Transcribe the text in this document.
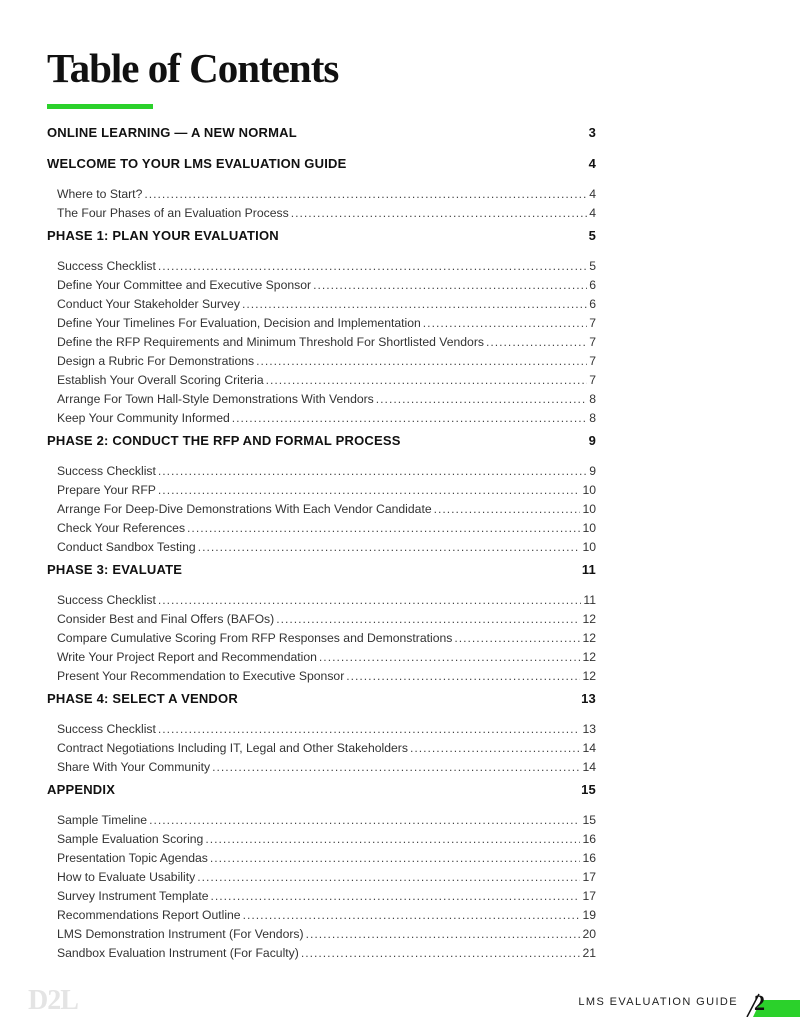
Table of Contents
ONLINE LEARNING — A NEW NORMAL	3
WELCOME TO YOUR LMS EVALUATION GUIDE	4
Where to Start? .....	4
The Four Phases of an Evaluation Process .....	4
PHASE 1: PLAN YOUR EVALUATION	5
Success Checklist .....	5
Define Your Committee and Executive Sponsor .....	6
Conduct Your Stakeholder Survey .....	6
Define Your Timelines For Evaluation, Decision and Implementation .....	7
Define the RFP Requirements and Minimum Threshold For Shortlisted Vendors .....	7
Design a Rubric For Demonstrations .....	7
Establish Your Overall Scoring Criteria .....	7
Arrange For Town Hall-Style Demonstrations With Vendors .....	8
Keep Your Community Informed .....	8
PHASE 2: CONDUCT THE RFP AND FORMAL PROCESS	9
Success Checklist .....	9
Prepare Your RFP .....	10
Arrange For Deep-Dive Demonstrations With Each Vendor Candidate .....	10
Check Your References .....	10
Conduct Sandbox Testing .....	10
PHASE 3: EVALUATE	11
Success Checklist .....	11
Consider Best and Final Offers (BAFOs) .....	12
Compare Cumulative Scoring From RFP Responses and Demonstrations .....	12
Write Your Project Report and Recommendation .....	12
Present Your Recommendation to Executive Sponsor .....	12
PHASE 4: SELECT A VENDOR	13
Success Checklist .....	13
Contract Negotiations Including IT, Legal and Other Stakeholders .....	14
Share With Your Community .....	14
APPENDIX	15
Sample Timeline .....	15
Sample Evaluation Scoring .....	16
Presentation Topic Agendas .....	16
How to Evaluate Usability .....	17
Survey Instrument Template .....	17
Recommendations Report Outline .....	19
LMS Demonstration Instrument (For Vendors) .....	20
Sandbox Evaluation Instrument (For Faculty) .....	21
D2L	LMS EVALUATION GUIDE 2
